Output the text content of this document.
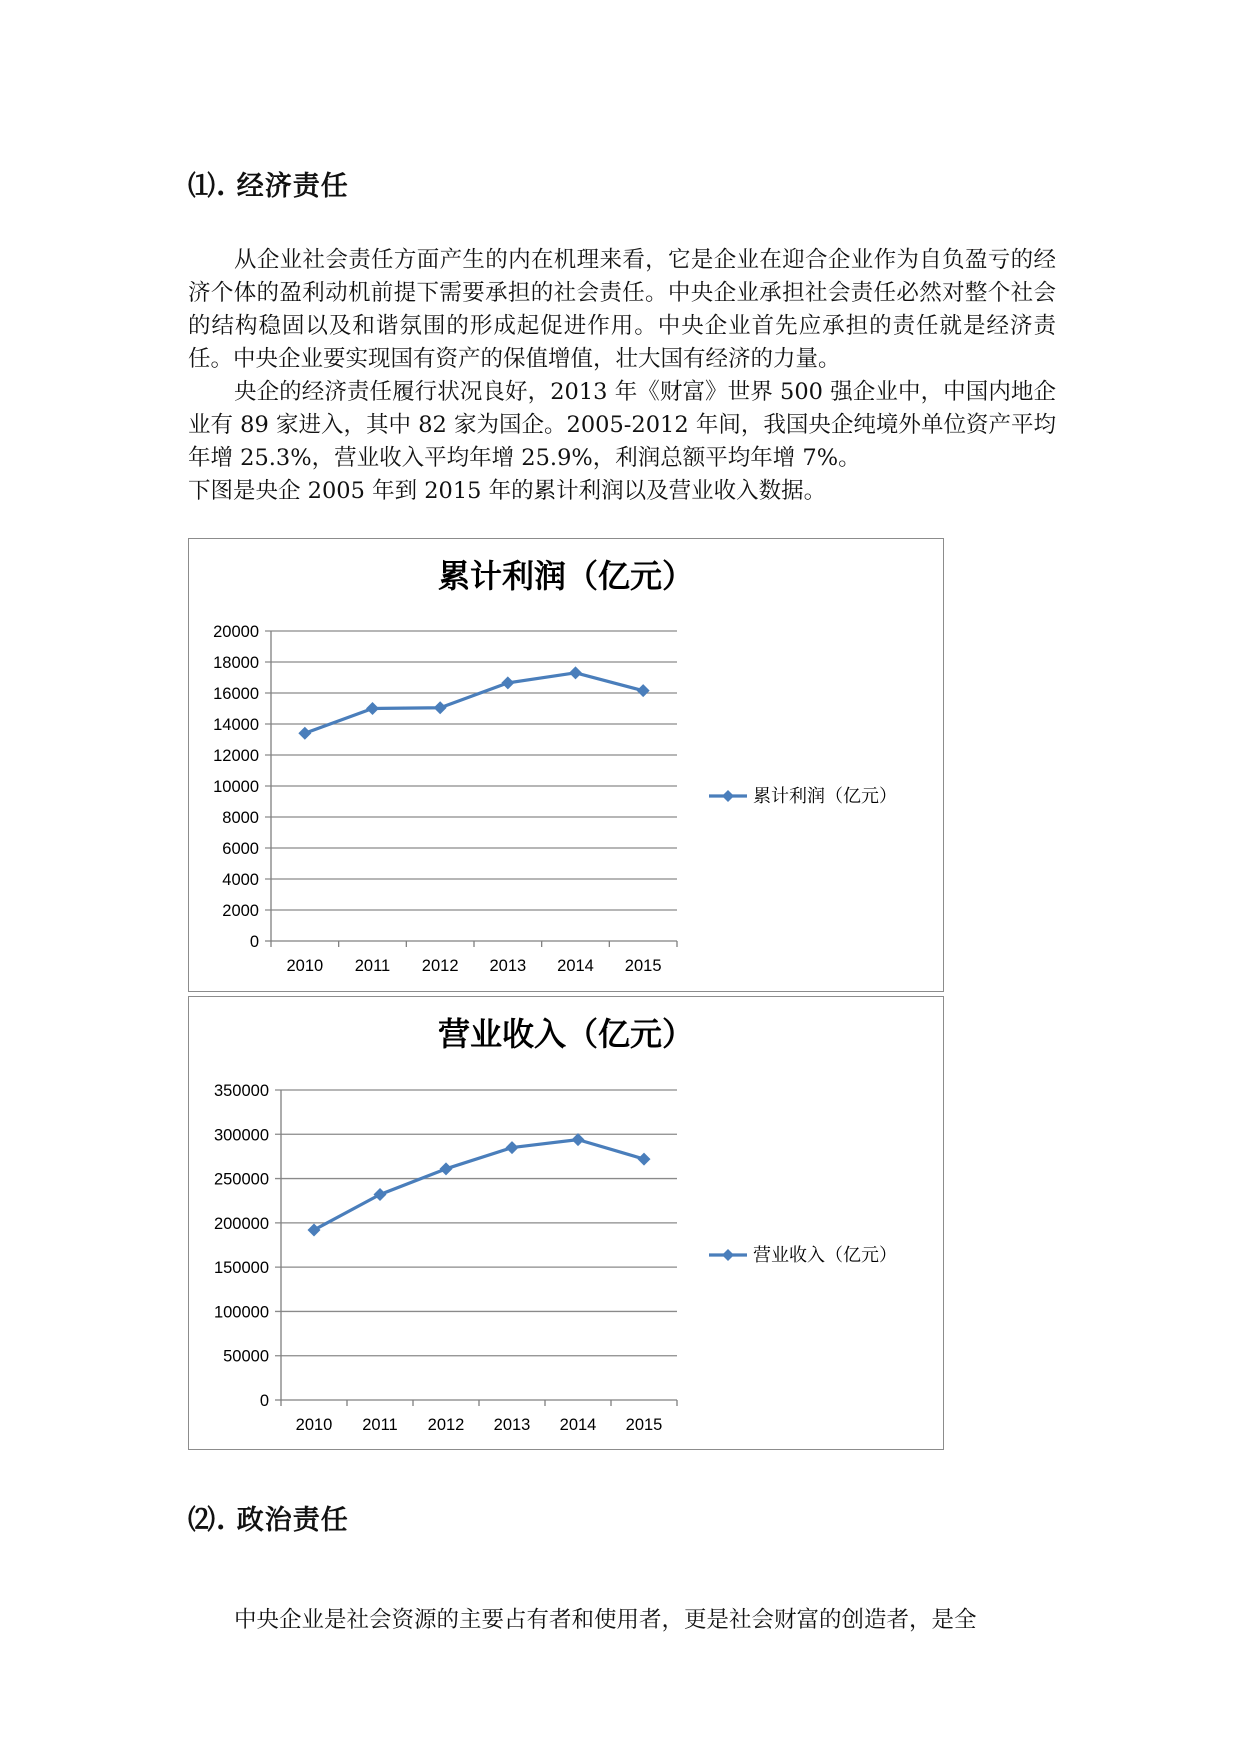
⑴. 经济责任

从企业社会责任方面产生的内在机理来看，它是企业在迎合企业作为自负盈亏的经济个体的盈利动机前提下需要承担的社会责任。中央企业承担社会责任必然对整个社会的结构稳固以及和谐氛围的形成起促进作用。中央企业首先应承担的责任就是经济责任。中央企业要实现国有资产的保值增值，壮大国有经济的力量。

央企的经济责任履行状况良好，2013 年《财富》世界 500 强企业中，中国内地企业有 89 家进入，其中 82 家为国企。2005-2012 年间，我国央企纯境外单位资产平均年增 25.3%，营业收入平均年增 25.9%，利润总额平均年增 7%。

下图是央企 2005 年到 2015 年的累计利润以及营业收入数据。

累计利润（亿元）
0
2000
4000
6000
8000
10000
12000
14000
16000
18000
20000
2010 2011 2012 2013 2014 2015
累计利润（亿元）
营业收入（亿元）
0
50000
100000
150000
200000
250000
300000
350000
2010 2011 2012 2013 2014 2015
营业收入（亿元）
⑵. 政治责任

中央企业是社会资源的主要占有者和使用者，更是社会财富的创造者，是全
